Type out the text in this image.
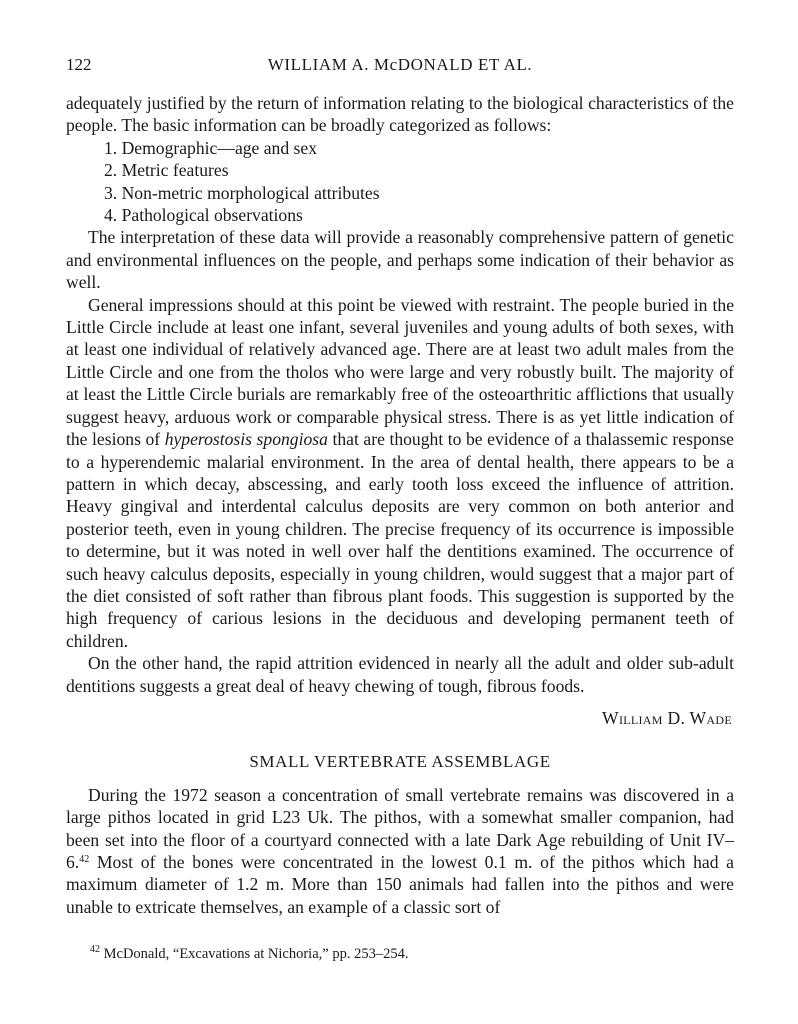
122	WILLIAM A. McDONALD ET AL.

adequately justified by the return of information relating to the biological characteristics of the people. The basic information can be broadly categorized as follows:

1. Demographic—age and sex
2. Metric features
3. Non-metric morphological attributes
4. Pathological observations

The interpretation of these data will provide a reasonably comprehensive pattern of genetic and environmental influences on the people, and perhaps some indication of their behavior as well.

General impressions should at this point be viewed with restraint. The people buried in the Little Circle include at least one infant, several juveniles and young adults of both sexes, with at least one individual of relatively advanced age. There are at least two adult males from the Little Circle and one from the tholos who were large and very robustly built. The majority of at least the Little Circle burials are remarkably free of the osteoarthritic afflictions that usually suggest heavy, arduous work or comparable physical stress. There is as yet little indication of the lesions of hyperostosis spongiosa that are thought to be evidence of a thalassemic response to a hyperendemic malarial environment. In the area of dental health, there appears to be a pattern in which decay, abscessing, and early tooth loss exceed the influence of attrition. Heavy gingival and interdental calculus deposits are very common on both anterior and posterior teeth, even in young children. The precise frequency of its occurrence is impossible to determine, but it was noted in well over half the dentitions examined. The occurrence of such heavy calculus deposits, especially in young children, would suggest that a major part of the diet consisted of soft rather than fibrous plant foods. This suggestion is supported by the high frequency of carious lesions in the deciduous and developing permanent teeth of children.

On the other hand, the rapid attrition evidenced in nearly all the adult and older sub-adult dentitions suggests a great deal of heavy chewing of tough, fibrous foods.

William D. Wade
SMALL VERTEBRATE ASSEMBLAGE

During the 1972 season a concentration of small vertebrate remains was discovered in a large pithos located in grid L23 Uk. The pithos, with a somewhat smaller companion, had been set into the floor of a courtyard connected with a late Dark Age rebuilding of Unit IV–6.42 Most of the bones were concentrated in the lowest 0.1 m. of the pithos which had a maximum diameter of 1.2 m. More than 150 animals had fallen into the pithos and were unable to extricate themselves, an example of a classic sort of

$^{42}$ McDonald, “Excavations at Nichoria,” pp. 253–254.
